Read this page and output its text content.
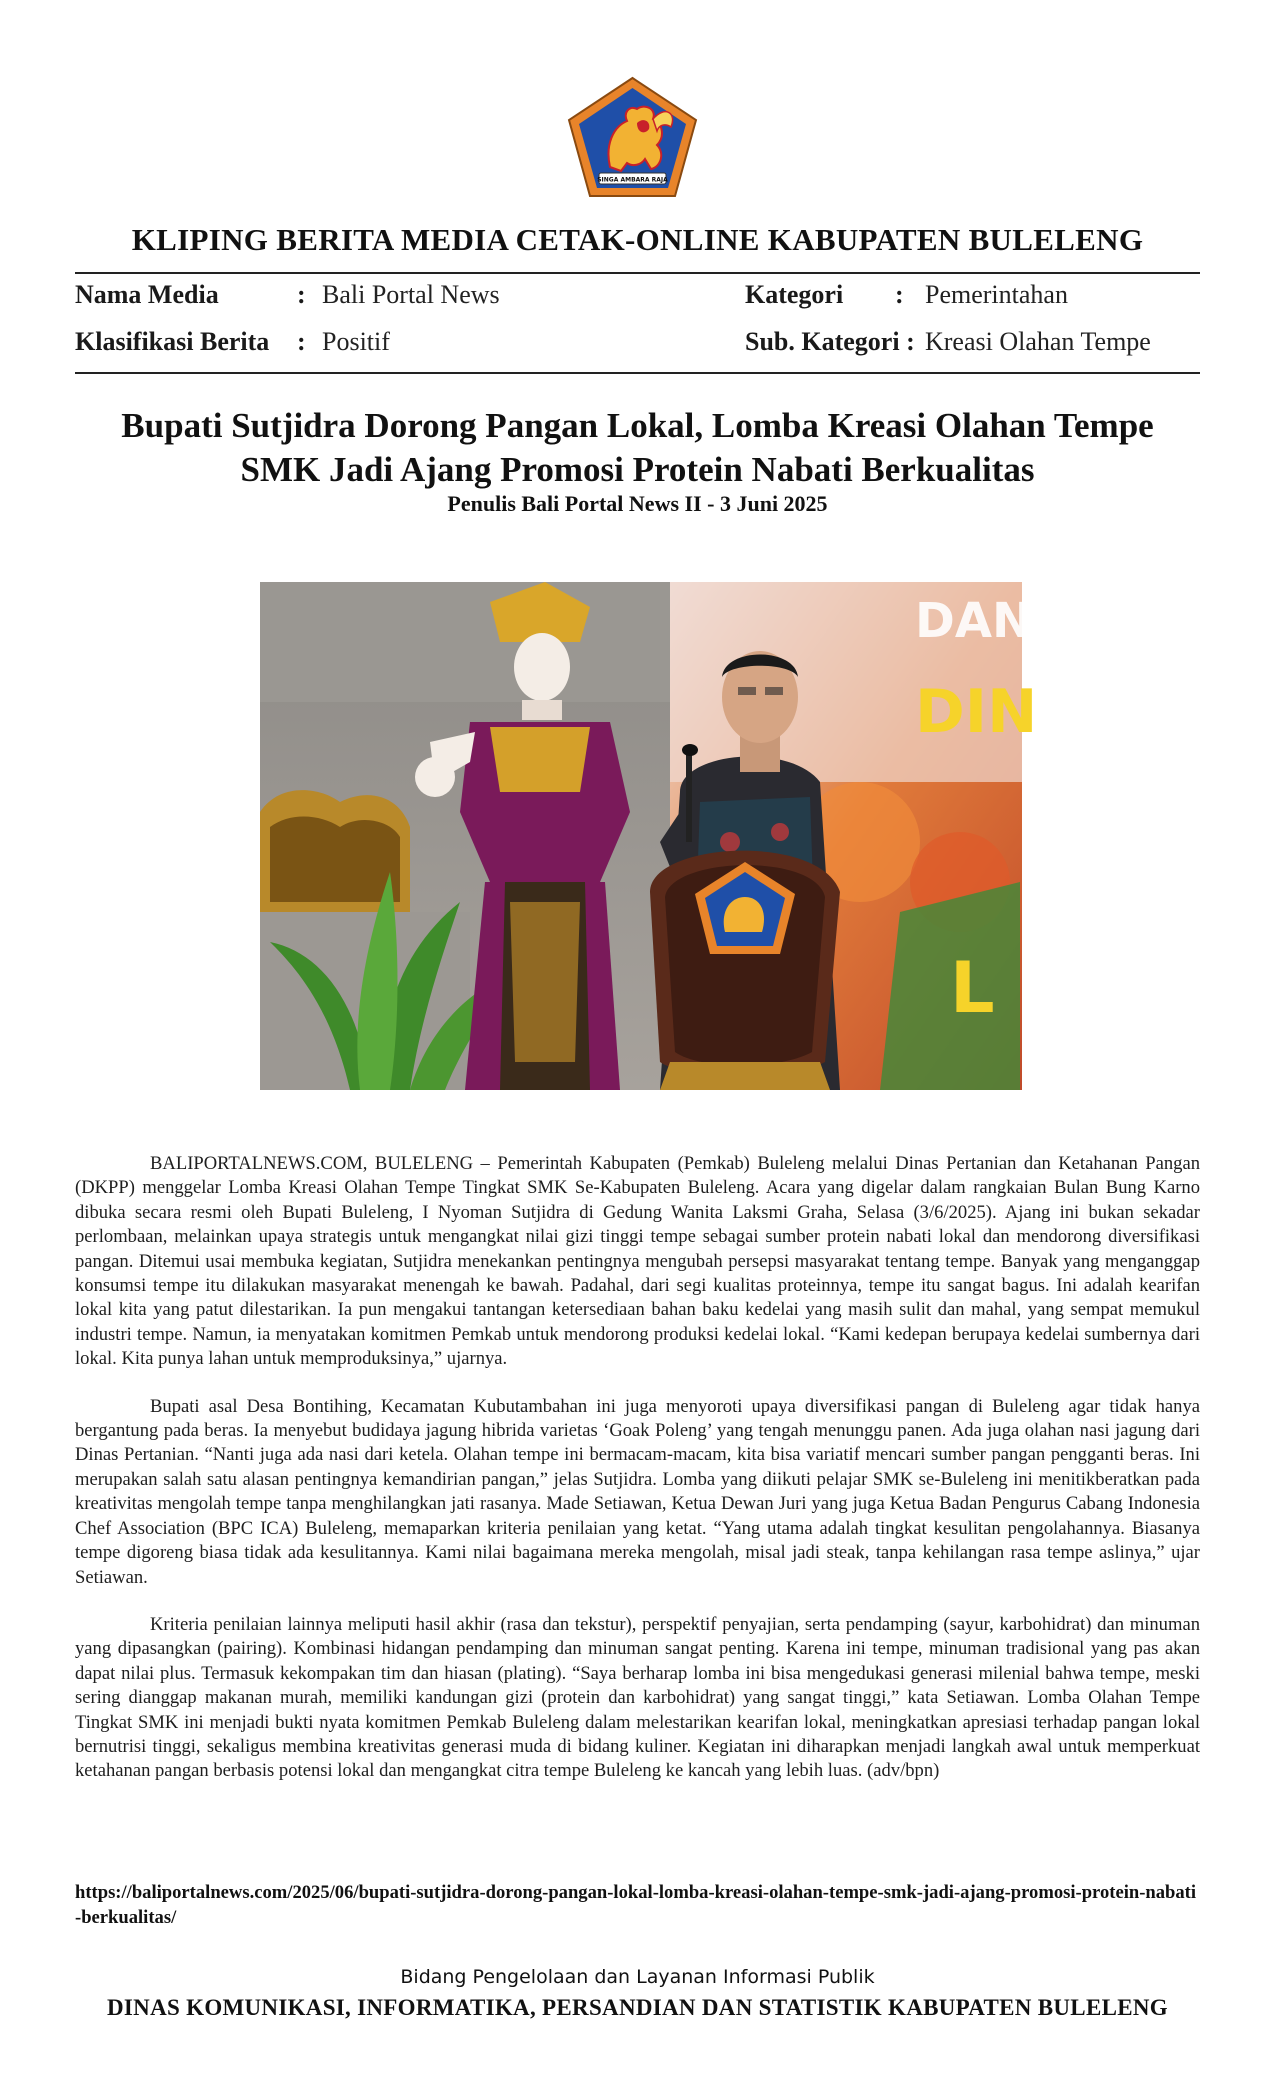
SINGA AMBARA RAJA
KLIPING BERITA MEDIA CETAK-ONLINE KABUPATEN BULELENG
Nama Media	: Bali Portal News	Kategori : Pemerintahan
Klasifikasi Berita : Positif	Sub. Kategori : Kreasi Olahan Tempe
Bupati Sutjidra Dorong Pangan Lokal, Lomba Kreasi Olahan Tempe
SMK Jadi Ajang Promosi Protein Nabati Berkualitas
Penulis Bali Portal News II - 3 Juni 2025
DAN
DIN
L

BALIPORTALNEWS.COM, BULELENG – Pemerintah Kabupaten (Pemkab) Buleleng melalui Dinas Pertanian dan Ketahanan Pangan (DKPP) menggelar Lomba Kreasi Olahan Tempe Tingkat SMK Se-Kabupaten Buleleng. Acara yang digelar dalam rangkaian Bulan Bung Karno dibuka secara resmi oleh Bupati Buleleng, I Nyoman Sutjidra di Gedung Wanita Laksmi Graha, Selasa (3/6/2025). Ajang ini bukan sekadar perlombaan, melainkan upaya strategis untuk mengangkat nilai gizi tinggi tempe sebagai sumber protein nabati lokal dan mendorong diversifikasi pangan. Ditemui usai membuka kegiatan, Sutjidra menekankan pentingnya mengubah persepsi masyarakat tentang tempe. Banyak yang menganggap konsumsi tempe itu dilakukan masyarakat menengah ke bawah. Padahal, dari segi kualitas proteinnya, tempe itu sangat bagus. Ini adalah kearifan lokal kita yang patut dilestarikan. Ia pun mengakui tantangan ketersediaan bahan baku kedelai yang masih sulit dan mahal, yang sempat memukul industri tempe. Namun, ia menyatakan komitmen Pemkab untuk mendorong produksi kedelai lokal. “Kami kedepan berupaya kedelai sumbernya dari lokal. Kita punya lahan untuk memproduksinya,” ujarnya.

Bupati asal Desa Bontihing, Kecamatan Kubutambahan ini juga menyoroti upaya diversifikasi pangan di Buleleng agar tidak hanya bergantung pada beras. Ia menyebut budidaya jagung hibrida varietas ‘Goak Poleng’ yang tengah menunggu panen. Ada juga olahan nasi jagung dari Dinas Pertanian. “Nanti juga ada nasi dari ketela. Olahan tempe ini bermacam-macam, kita bisa variatif mencari sumber pangan pengganti beras. Ini merupakan salah satu alasan pentingnya kemandirian pangan,” jelas Sutjidra. Lomba yang diikuti pelajar SMK se-Buleleng ini menitikberatkan pada kreativitas mengolah tempe tanpa menghilangkan jati rasanya. Made Setiawan, Ketua Dewan Juri yang juga Ketua Badan Pengurus Cabang Indonesia Chef Association (BPC ICA) Buleleng, memaparkan kriteria penilaian yang ketat. “Yang utama adalah tingkat kesulitan pengolahannya. Biasanya tempe digoreng biasa tidak ada kesulitannya. Kami nilai bagaimana mereka mengolah, misal jadi steak, tanpa kehilangan rasa tempe aslinya,” ujar Setiawan.

Kriteria penilaian lainnya meliputi hasil akhir (rasa dan tekstur), perspektif penyajian, serta pendamping (sayur, karbohidrat) dan minuman yang dipasangkan (pairing). Kombinasi hidangan pendamping dan minuman sangat penting. Karena ini tempe, minuman tradisional yang pas akan dapat nilai plus. Termasuk kekompakan tim dan hiasan (plating). “Saya berharap lomba ini bisa mengedukasi generasi milenial bahwa tempe, meski sering dianggap makanan murah, memiliki kandungan gizi (protein dan karbohidrat) yang sangat tinggi,” kata Setiawan. Lomba Olahan Tempe Tingkat SMK ini menjadi bukti nyata komitmen Pemkab Buleleng dalam melestarikan kearifan lokal, meningkatkan apresiasi terhadap pangan lokal bernutrisi tinggi, sekaligus membina kreativitas generasi muda di bidang kuliner. Kegiatan ini diharapkan menjadi langkah awal untuk memperkuat ketahanan pangan berbasis potensi lokal dan mengangkat citra tempe Buleleng ke kancah yang lebih luas. (adv/bpn)

https://baliportalnews.com/2025/06/bupati-sutjidra-dorong-pangan-lokal-lomba-kreasi-olahan-tempe-smk-jadi-ajang-promosi-protein-nabati-berkualitas/
Bidang Pengelolaan dan Layanan Informasi Publik
DINAS KOMUNIKASI, INFORMATIKA, PERSANDIAN DAN STATISTIK KABUPATEN BULELENG
